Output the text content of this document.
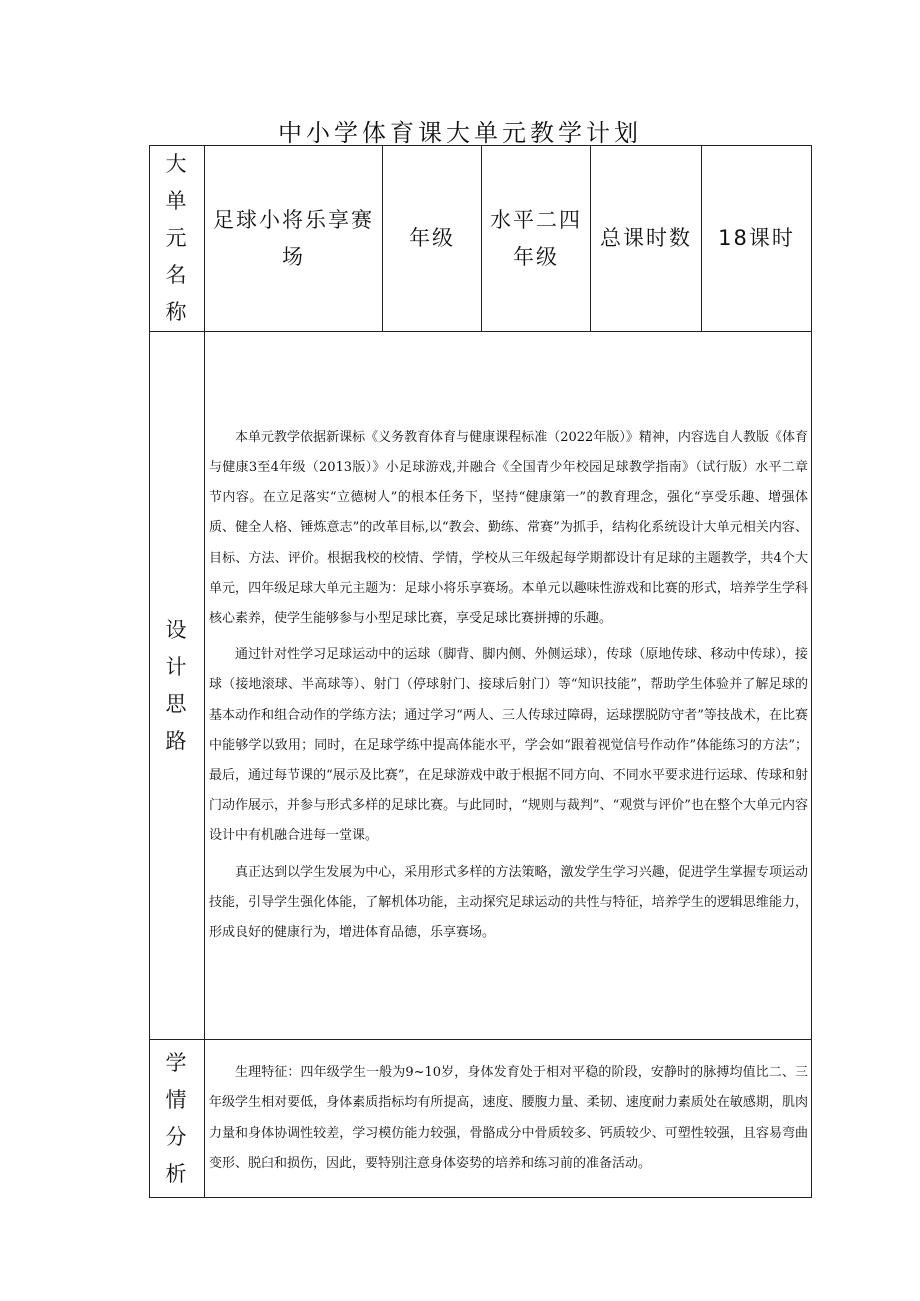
中小学体育课大单元教学计划
大单元名称	足球小将乐享赛场	年级	水平二四年级	总课时数	18课时
设计思路	本单元教学依据新课标《义务教育体育与健康课程标准（2022年版）》精神，内容选自人教版《体育与健康3至4年级（2013版）》小足球游戏,并融合《全国青少年校园足球教学指南》（试行版）水平二章节内容。在立足落实“立德树人”的根本任务下，坚持“健康第一”的教育理念，强化“享受乐趣、增强体质、健全人格、锤炼意志”的改革目标,以“教会、勤练、常赛”为抓手，结构化系统设计大单元相关内容、目标、方法、评价。根据我校的校情、学情，学校从三年级起每学期都设计有足球的主题教学，共4个大单元，四年级足球大单元主题为：足球小将乐享赛场。本单元以趣味性游戏和比赛的形式，培养学生学科核心素养，使学生能够参与小型足球比赛，享受足球比赛拼搏的乐趣。

通过针对性学习足球运动中的运球（脚背、脚内侧、外侧运球），传球（原地传球、移动中传球），接球（接地滚球、半高球等）、射门（停球射门、接球后射门）等“知识技能”，帮助学生体验并了解足球的基本动作和组合动作的学练方法；通过学习“两人、三人传球过障碍，运球摆脱防守者”等技战术，在比赛中能够学以致用；同时，在足球学练中提高体能水平，学会如“跟着视觉信号作动作”体能练习的方法”；最后，通过每节课的“展示及比赛”，在足球游戏中敢于根据不同方向、不同水平要求进行运球、传球和射门动作展示，并参与形式多样的足球比赛。与此同时，“规则与裁判”、“观赏与评价”也在整个大单元内容设计中有机融合进每一堂课。

真正达到以学生发展为中心，采用形式多样的方法策略，激发学生学习兴趣，促进学生掌握专项运动技能，引导学生强化体能，了解机体功能，主动探究足球运动的共性与特征，培养学生的逻辑思维能力，形成良好的健康行为，增进体育品德，乐享赛场。				

学情分析	生理特征：四年级学生一般为9~10岁，身体发育处于相对平稳的阶段，安静时的脉搏均值比二、三年级学生相对要低，身体素质指标均有所提高，速度、腰腹力量、柔韧、速度耐力素质处在敏感期，肌肉力量和身体协调性较差，学习模仿能力较强，骨骼成分中骨质较多、钙质较少、可塑性较强，且容易弯曲变形、脱臼和损伤，因此，要特别注意身体姿势的培养和练习前的准备活动。				
